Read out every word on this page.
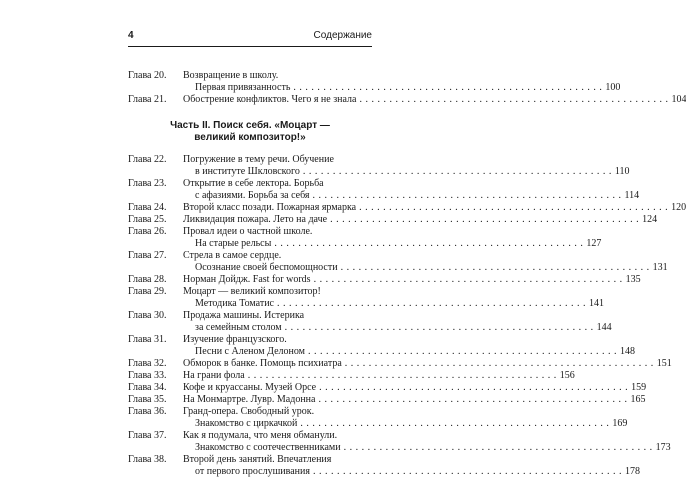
4	Содержание
Глава 20.	Возвращение в школу.
Первая привязанность . . .	100
Глава 21.	Обострение конфликтов. Чего я не знала . . .	104
Часть II. Поиск себя. «Моцарт —
великий композитор!»
Глава 22.	Погружение в тему речи. Обучение
в институте Шкловского . . .	110
Глава 23.	Открытие в себе лектора. Борьба
с афазиями. Борьба за себя . . .	114
Глава 24.	Второй класс позади. Пожарная ярмарка . . .	120
Глава 25.	Ликвидация пожара. Лето на даче . . .	124
Глава 26.	Провал идеи о частной школе.
На старые рельсы . . .	127
Глава 27.	Стрела в самое сердце.
Осознание своей беспомощности . . .	131
Глава 28.	Норман Дойдж. Fast for words . . .	135
Глава 29.	Моцарт — великий композитор!
Методика Томатис . . .	141
Глава 30.	Продажа машины. Истерика
за семейным столом . . .	144
Глава 31.	Изучение французского.
Песни с Аленом Делоном . . .	148
Глава 32.	Обморок в банке. Помощь психиатра . . .	151
Глава 33.	На грани фола . . .	156
Глава 34.	Кофе и круассаны. Музей Орсе . . .	159
Глава 35.	На Монмартре. Лувр. Мадонна . . .	165
Глава 36.	Гранд-опера. Свободный урок.
Знакомство с циркачкой . . .	169
Глава 37.	Как я подумала, что меня обманули.
Знакомство с соотечественниками . . .	173
Глава 38.	Второй день занятий. Впечатления
от первого прослушивания . . .	178
